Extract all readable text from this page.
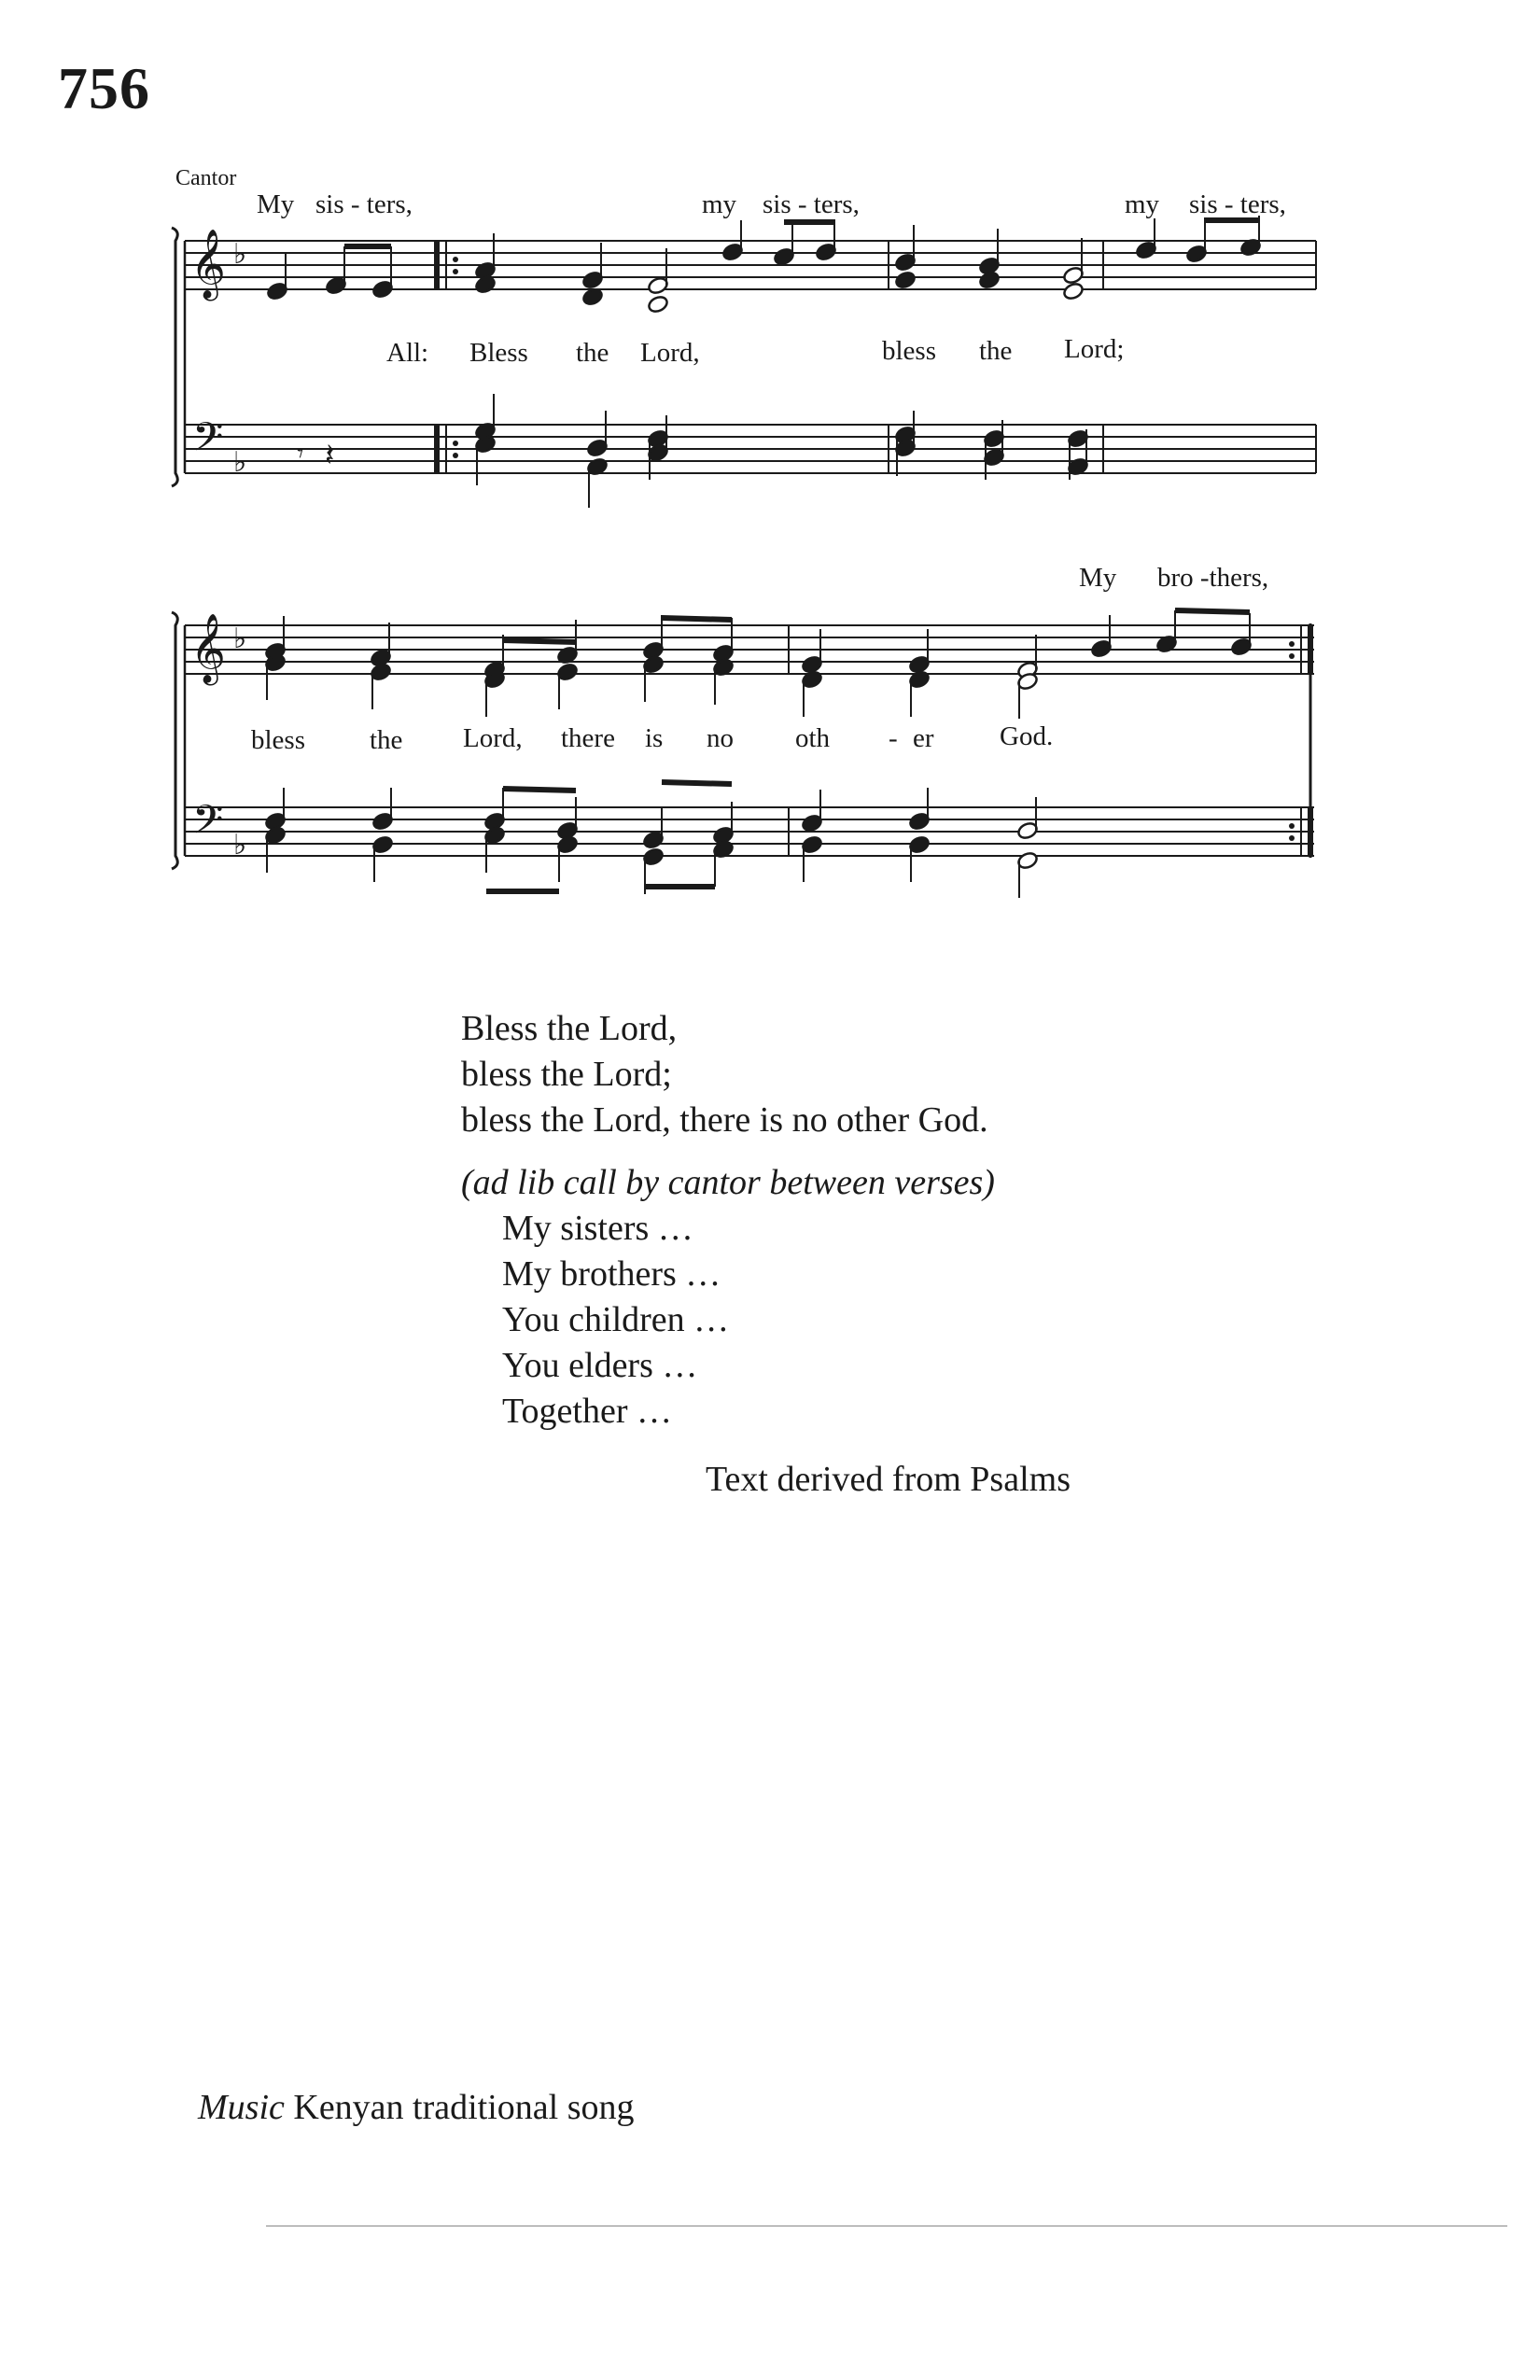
756
𝄞
𝄢
♭
♭ 𝄾 𝄽
𝄞
𝄢
♭
♭
Cantor
My sis - ters,	my sis - ters,	my sis - ters,
All: Bless the Lord,	bless the Lord;
My bro -thers,
bless the Lord, there is no oth - er God.
Bless the Lord,
bless the Lord;
bless the Lord, there is no other God.
(ad lib call by cantor between verses)
My sisters …
My brothers …
You children …
You elders …
Together …
Text derived from Psalms
Music Kenyan traditional song
